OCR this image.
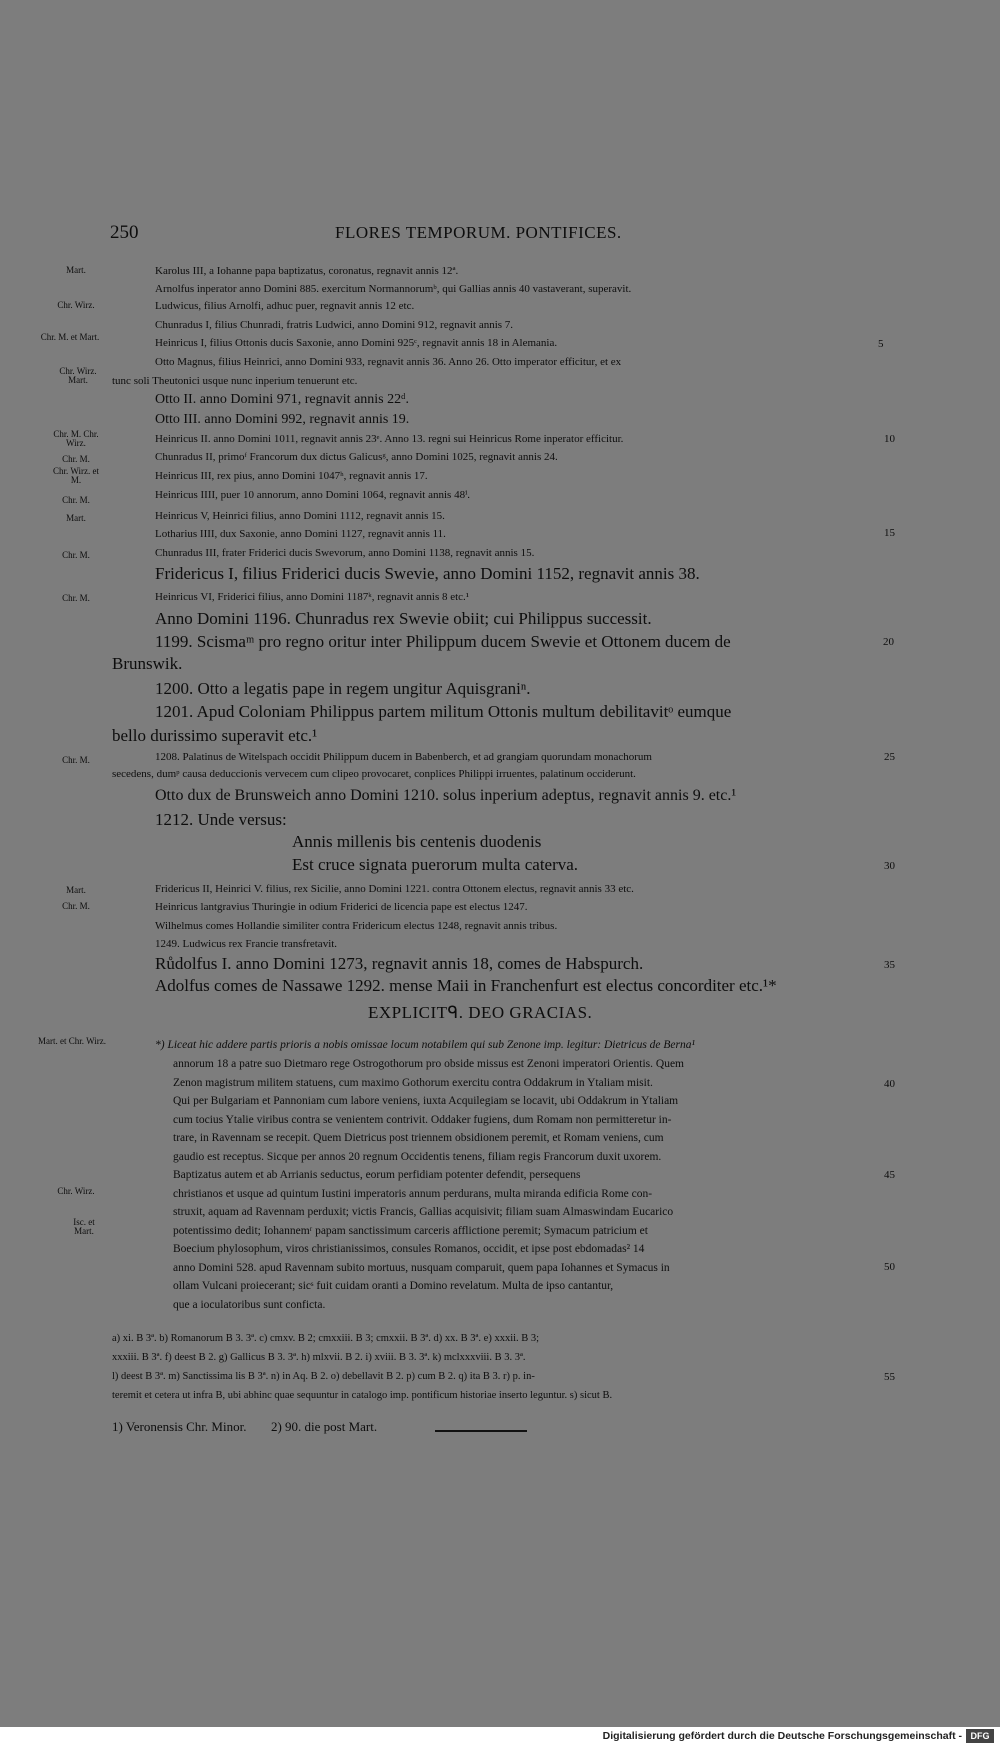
250	FLORES TEMPORUM. PONTIFICES.
Mart.
Chr. Wirz.
Chr. M. et Mart.
Chr. Wirz. Mart.
Chr. M. Chr. Wirz.
Chr. M.
Chr. Wirz. et M.
Chr. M.
Mart.
Chr. M.
Chr. M.
Chr. M.
Mart.
Chr. M.
Mart. et Chr. Wirz.
Chr. Wirz.
Isc. et Mart.
5
10
15
20
25
30
35
40
45
50
55
Karolus III, a Iohanne papa baptizatus, coronatus, regnavit annis 12ª.
Arnolfus inperator anno Domini 885. exercitum Normannorumᵇ, qui Gallias annis 40 vastaverant, superavit.
Ludwicus, filius Arnolfi, adhuc puer, regnavit annis 12 etc.
Chunradus I, filius Chunradi, fratris Ludwici, anno Domini 912, regnavit annis 7.
Heinricus I, filius Ottonis ducis Saxonie, anno Domini 925ᶜ, regnavit annis 18 in Alemania.
Otto Magnus, filius Heinrici, anno Domini 933, regnavit annis 36. Anno 26. Otto imperator efficitur, et ex
tunc soli Theutonici usque nunc inperium tenuerunt etc.
Otto II. anno Domini 971, regnavit annis 22ᵈ.
Otto III. anno Domini 992, regnavit annis 19.
Heinricus II. anno Domini 1011, regnavit annis 23ᵉ. Anno 13. regni sui Heinricus Rome inperator efficitur.
Chunradus II, primoᶠ Francorum dux dictus Galicusᵍ, anno Domini 1025, regnavit annis 24.
Heinricus III, rex pius, anno Domini 1047ʰ, regnavit annis 17.
Heinricus IIII, puer 10 annorum, anno Domini 1064, regnavit annis 48ⁱ.
Heinricus V, Heinrici filius, anno Domini 1112, regnavit annis 15.
Lotharius IIII, dux Saxonie, anno Domini 1127, regnavit annis 11.
Chunradus III, frater Friderici ducis Swevorum, anno Domini 1138, regnavit annis 15.
Fridericus I, filius Friderici ducis Swevie, anno Domini 1152, regnavit annis 38.
Heinricus VI, Friderici filius, anno Domini 1187ᵏ, regnavit annis 8 etc.¹
Anno Domini 1196. Chunradus rex Swevie obiit; cui Philippus successit.
1199. Scismaᵐ pro regno oritur inter Philippum ducem Swevie et Ottonem ducem de
Brunswik.
1200. Otto a legatis pape in regem ungitur Aquisgraniⁿ.
1201. Apud Coloniam Philippus partem militum Ottonis multum debilitavitᵒ eumque
bello durissimo superavit etc.¹
1208. Palatinus de Witelspach occidit Philippum ducem in Babenberch, et ad grangiam quorundam monachorum
secedens, dumᵖ causa deduccionis vervecem cum clipeo provocaret, conplices Philippi irruentes, palatinum occiderunt.
Otto dux de Brunsweich anno Domini 1210. solus inperium adeptus, regnavit annis 9. etc.¹
1212. Unde versus:
Annis millenis bis centenis duodenis
Est cruce signata puerorum multa caterva.
Fridericus II, Heinrici V. filius, rex Sicilie, anno Domini 1221. contra Ottonem electus, regnavit annis 33 etc.
Heinricus lantgravius Thuringie in odium Friderici de licencia pape est electus 1247.
Wilhelmus comes Hollandie similiter contra Fridericum electus 1248, regnavit annis tribus.
1249. Ludwicus rex Francie transfretavit.
Růdolfus I. anno Domini 1273, regnavit annis 18, comes de Habspurch.
Adolfus comes de Nassawe 1292. mense Maii in Franchenfurt est electus concorditer etc.¹*
EXPLICITᑫ. DEO GRACIAS.
*) Liceat hic addere partis prioris a nobis omissae locum notabilem qui sub Zenone imp. legitur: Dietricus de Berna¹
annorum 18 a patre suo Dietmaro rege Ostrogothorum pro obside missus est Zenoni imperatori Orientis. Quem
Zenon magistrum militem statuens, cum maximo Gothorum exercitu contra Oddakrum in Ytaliam misit.
Qui per Bulgariam et Pannoniam cum labore veniens, iuxta Acquilegiam se locavit, ubi Oddakrum in Ytaliam
cum tocius Ytalie viribus contra se venientem contrivit. Oddaker fugiens, dum Romam non permitteretur in-
trare, in Ravennam se recepit. Quem Dietricus post triennem obsidionem peremit, et Romam veniens, cum
gaudio est receptus. Sicque per annos 20 regnum Occidentis tenens, filiam regis Francorum duxit uxorem.
Baptizatus autem et ab Arrianis seductus, eorum perfidiam potenter defendit, persequens
christianos et usque ad quintum Iustini imperatoris annum perdurans, multa miranda edificia Rome con-
struxit, aquam ad Ravennam perduxit; victis Francis, Gallias acquisivit; filiam suam Almaswindam Eucarico
potentissimo dedit; Iohannemʳ papam sanctissimum carceris afflictione peremit; Symacum patricium et
Boecium phylosophum, viros christianissimos, consules Romanos, occidit, et ipse post ebdomadas² 14
anno Domini 528. apud Ravennam subito mortuus, nusquam comparuit, quem papa Iohannes et Symacus in
ollam Vulcani proiecerant; sicˢ fuit cuidam oranti a Domino revelatum. Multa de ipso cantantur,
que a ioculatoribus sunt conficta.
a) xi. B 3ª. b) Romanorum B 3. 3ª. c) cmxv. B 2; cmxxiii. B 3; cmxxii. B 3ª. d) xx. B 3ª. e) xxxii. B 3;
xxxiii. B 3ª. f) deest B 2. g) Gallicus B 3. 3ª. h) mlxvii. B 2. i) xviii. B 3. 3ª. k) mclxxxviii. B 3. 3ª.
l) deest B 3ª. m) Sanctissima lis B 3ª. n) in Aq. B 2. o) debellavit B 2. p) cum B 2. q) ita B 3. r) p. in-
teremit et cetera ut infra B, ubi abhinc quae sequuntur in catalogo imp. pontificum historiae inserto leguntur. s) sicut B.
1) Veronensis Chr. Minor. 2) 90. die post Mart.
Digitalisierung gefördert durch die Deutsche Forschungsgemeinschaft - DFG
